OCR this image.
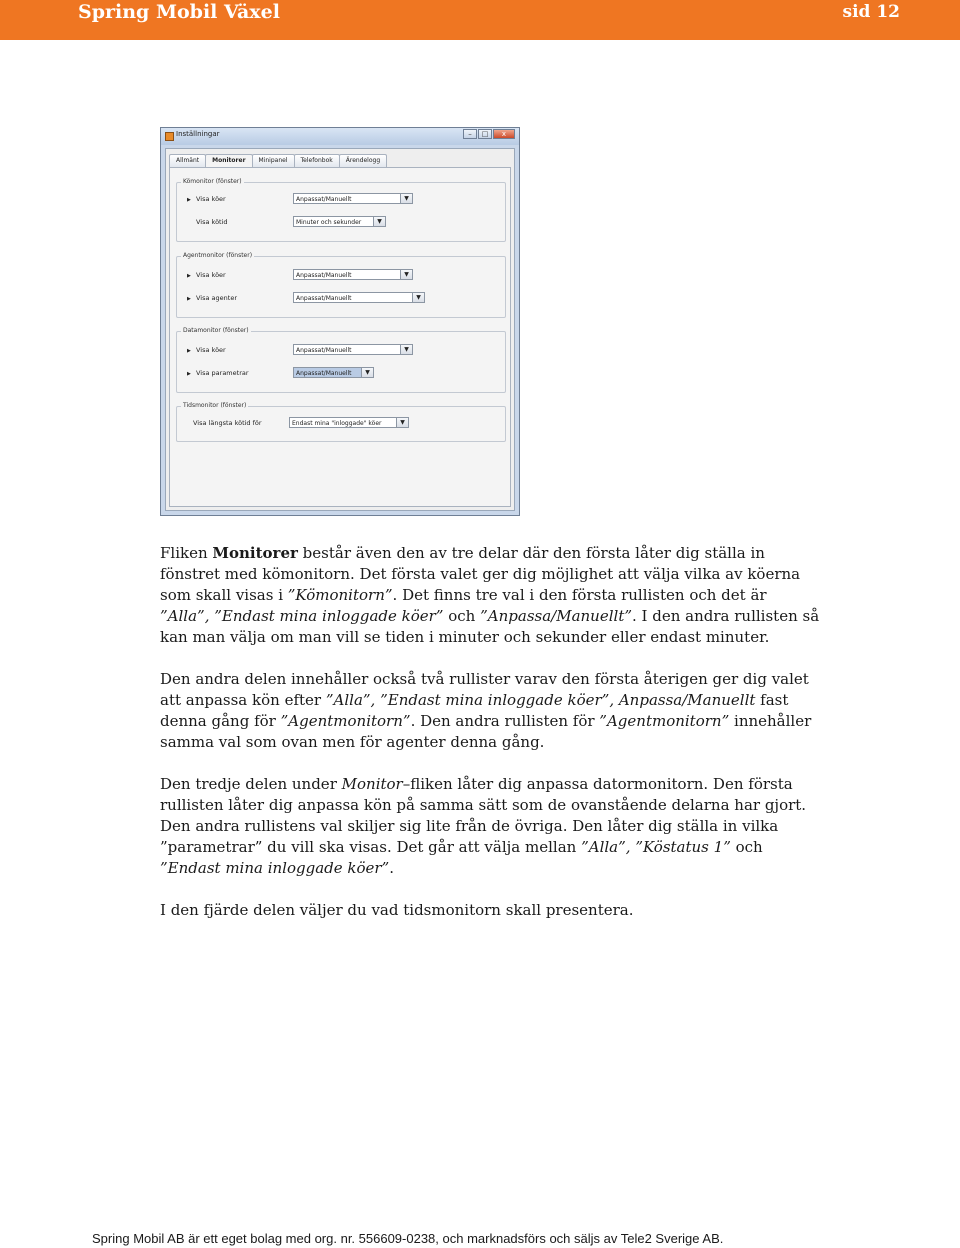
Spring Mobil Växel	sid 12
Inställningar	–	□	x
Allmänt	Monitorer	Minipanel	Telefonbok	Ärendelogg
Kömonitor (fönster)
▶ Visa köer	Anpassat/Manuellt	▼
Visa kötid	Minuter och sekunder	▼
Agentmonitor (fönster)
▶ Visa köer	Anpassat/Manuellt	▼
▶ Visa agenter	Anpassat/Manuellt	▼
Datamonitor (fönster)
▶ Visa köer	Anpassat/Manuellt	▼
▶ Visa parametrar	Anpassat/Manuellt	▼
Tidsmonitor (fönster)
Visa längsta kötid för	Endast mina "inloggade" köer	▼

Fliken Monitorer består även den av tre delar där den första låter dig ställa in fönstret med kömonitorn. Det första valet ger dig möjlighet att välja vilka av köerna som skall visas i ”Kömonitorn”. Det finns tre val i den första rullisten och det är ”Alla”, ”Endast mina inloggade köer” och ”Anpassa/Manuellt”. I den andra rullisten så kan man välja om man vill se tiden i minuter och sekunder eller endast minuter.

Den andra delen innehåller också två rullister varav den första återigen ger dig valet att anpassa kön efter ”Alla”, ”Endast mina inloggade köer”, Anpassa/Manuellt fast denna gång för ”Agentmonitorn”. Den andra rullisten för ”Agentmonitorn” innehåller samma val som ovan men för agenter denna gång.

Den tredje delen under Monitor–fliken låter dig anpassa datormonitorn. Den första rullisten låter dig anpassa kön på samma sätt som de ovanstående delarna har gjort. Den andra rullistens val skiljer sig lite från de övriga. Den låter dig ställa in vilka ”parametrar” du vill ska visas. Det går att välja mellan ”Alla”, ”Köstatus 1” och ”Endast mina inloggade köer”.

I den fjärde delen väljer du vad tidsmonitorn skall presentera.

Spring Mobil AB är ett eget bolag med org. nr. 556609-0238, och marknadsförs och säljs av Tele2 Sverige AB.
